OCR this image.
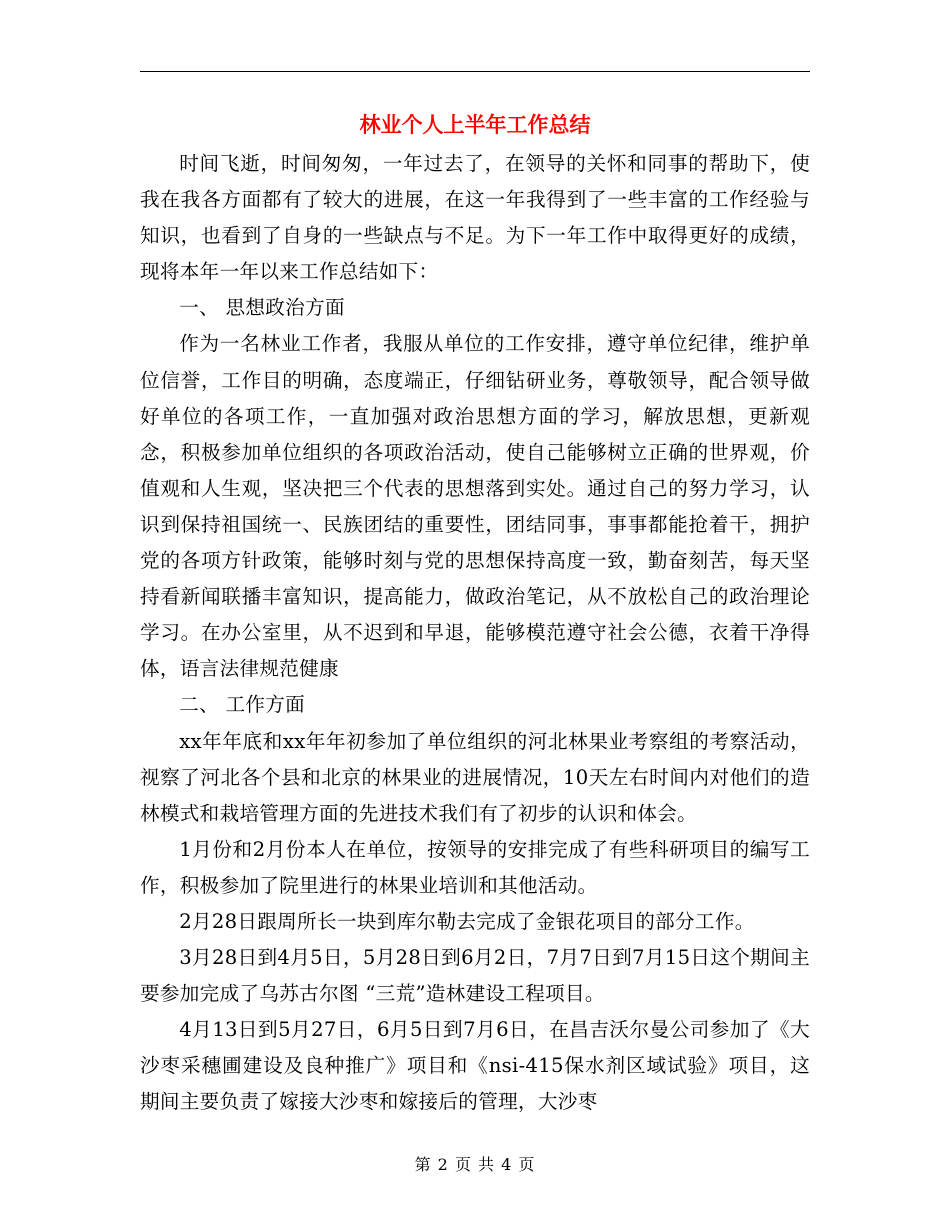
林业个人上半年工作总结

时间飞逝，时间匆匆，一年过去了，在领导的关怀和同事的帮助下，使我在我各方面都有了较大的进展，在这一年我得到了一些丰富的工作经验与知识，也看到了自身的一些缺点与不足。为下一年工作中取得更好的成绩，现将本年一年以来工作总结如下：

一、 思想政治方面

作为一名林业工作者，我服从单位的工作安排，遵守单位纪律，维护单位信誉，工作目的明确，态度端正，仔细钻研业务，尊敬领导，配合领导做好单位的各项工作，一直加强对政治思想方面的学习，解放思想，更新观念，积极参加单位组织的各项政治活动，使自己能够树立正确的世界观，价值观和人生观，坚决把三个代表的思想落到实处。通过自己的努力学习，认识到保持祖国统一、民族团结的重要性，团结同事，事事都能抢着干，拥护党的各项方针政策，能够时刻与党的思想保持高度一致，勤奋刻苦，每天坚持看新闻联播丰富知识，提高能力，做政治笔记，从不放松自己的政治理论学习。在办公室里，从不迟到和早退，能够模范遵守社会公德，衣着干净得体，语言法律规范健康

二、 工作方面

xx年年底和xx年年初参加了单位组织的河北林果业考察组的考察活动，视察了河北各个县和北京的林果业的进展情况，10天左右时间内对他们的造林模式和栽培管理方面的先进技术我们有了初步的认识和体会。

1月份和2月份本人在单位，按领导的安排完成了有些科研项目的编写工作，积极参加了院里进行的林果业培训和其他活动。

2月28日跟周所长一块到库尔勒去完成了金银花项目的部分工作。

3月28日到4月5日，5月28日到6月2日，7月7日到7月15日这个期间主要参加完成了乌苏古尔图 “三荒”造林建设工程项目。

4月13日到5月27日，6月5日到7月6日，在昌吉沃尔曼公司参加了《大沙枣采穗圃建设及良种推广》项目和《nsi-415保水剂区域试验》项目，这期间主要负责了嫁接大沙枣和嫁接后的管理，大沙枣

第 2 页 共 4 页
